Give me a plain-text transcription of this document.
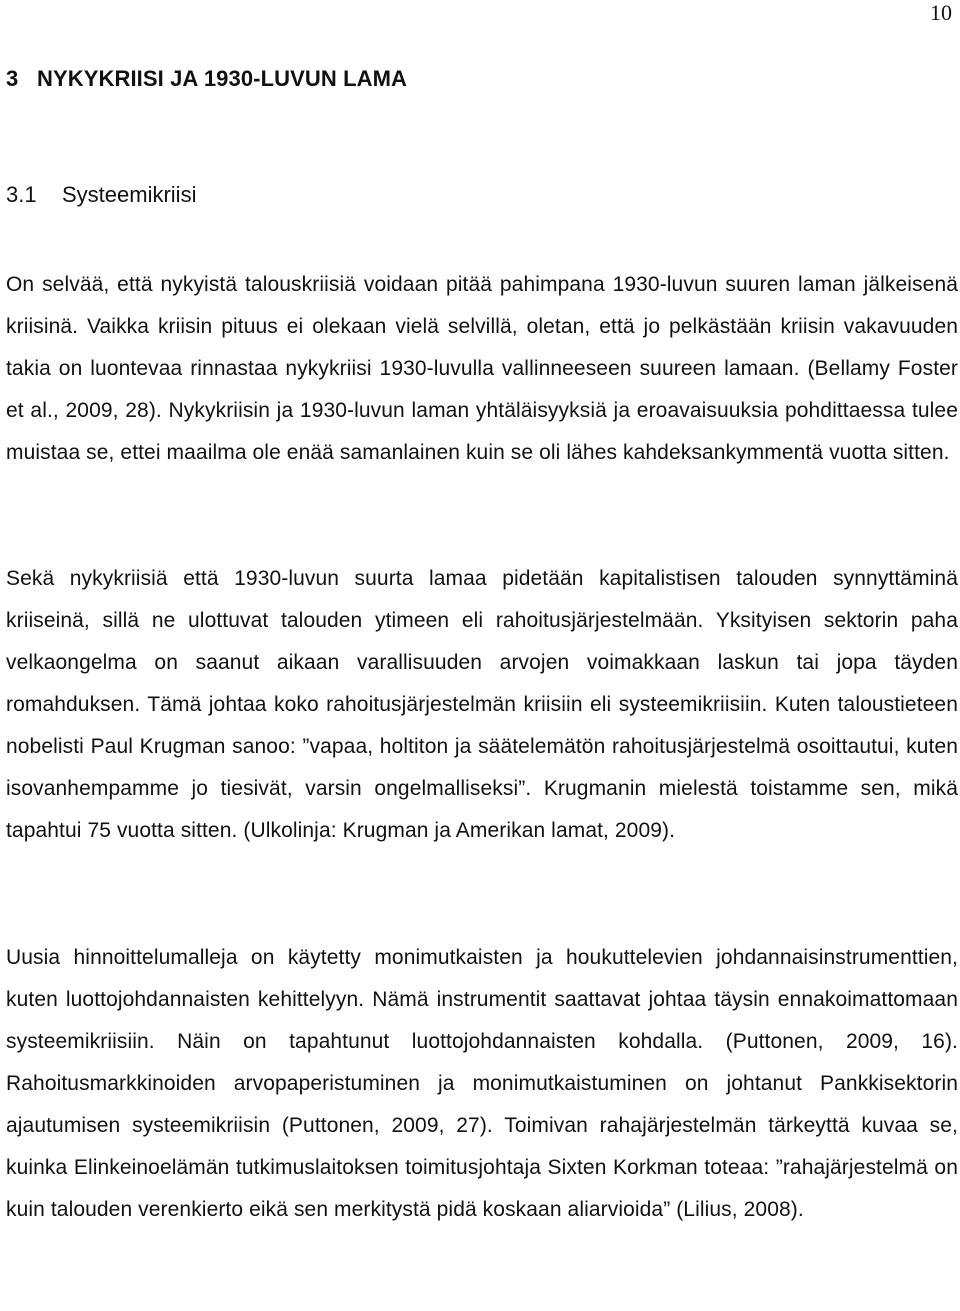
10

3   NYKYKRIISI JA 1930-LUVUN LAMA
3.1 Systeemikriisi

On selvää, että nykyistä talouskriisiä voidaan pitää pahimpana 1930-luvun suuren laman jälkeisenä kriisinä. Vaikka kriisin pituus ei olekaan vielä selvillä, oletan, että jo pelkästään kriisin vakavuuden takia on luontevaa rinnastaa nykykriisi 1930-luvulla vallinneeseen suureen lamaan. (Bellamy Foster et al., 2009, 28). Nykykriisin ja 1930-luvun laman yhtäläisyyksiä ja eroavaisuuksia pohdittaessa tulee muistaa se, ettei maailma ole enää samanlainen kuin se oli lähes kahdeksankymmentä vuotta sitten.

Sekä nykykriisiä että 1930-luvun suurta lamaa pidetään kapitalistisen talouden synnyttäminä kriiseinä, sillä ne ulottuvat talouden ytimeen eli rahoitusjärjestelmään. Yksityisen sektorin paha velkaongelma on saanut aikaan varallisuuden arvojen voimakkaan laskun tai jopa täyden romahduksen. Tämä johtaa koko rahoitusjärjestelmän kriisiin eli systeemikriisiin. Kuten taloustieteen nobelisti Paul Krugman sanoo: ”vapaa, holtiton ja säätelemätön rahoitusjärjestelmä osoittautui, kuten isovanhempamme jo tiesivät, varsin ongelmalliseksi”. Krugmanin mielestä toistamme sen, mikä tapahtui 75 vuotta sitten. (Ulkolinja: Krugman ja Amerikan lamat, 2009).

Uusia hinnoittelumalleja on käytetty monimutkaisten ja houkuttelevien johdannaisinstrumenttien, kuten luottojohdannaisten kehittelyyn. Nämä instrumentit saattavat johtaa täysin ennakoimattomaan systeemikriisiin. Näin on tapahtunut luottojohdannaisten kohdalla. (Puttonen, 2009, 16). Rahoitusmarkkinoiden arvopaperistuminen ja monimutkaistuminen on johtanut Pankkisektorin ajautumisen systeemikriisin (Puttonen, 2009, 27). Toimivan rahajärjestelmän tärkeyttä kuvaa se, kuinka Elinkeinoelämän tutkimuslaitoksen toimitusjohtaja Sixten Korkman toteaa: ”rahajärjestelmä on kuin talouden verenkierto eikä sen merkitystä pidä koskaan aliarvioida” (Lilius, 2008).
